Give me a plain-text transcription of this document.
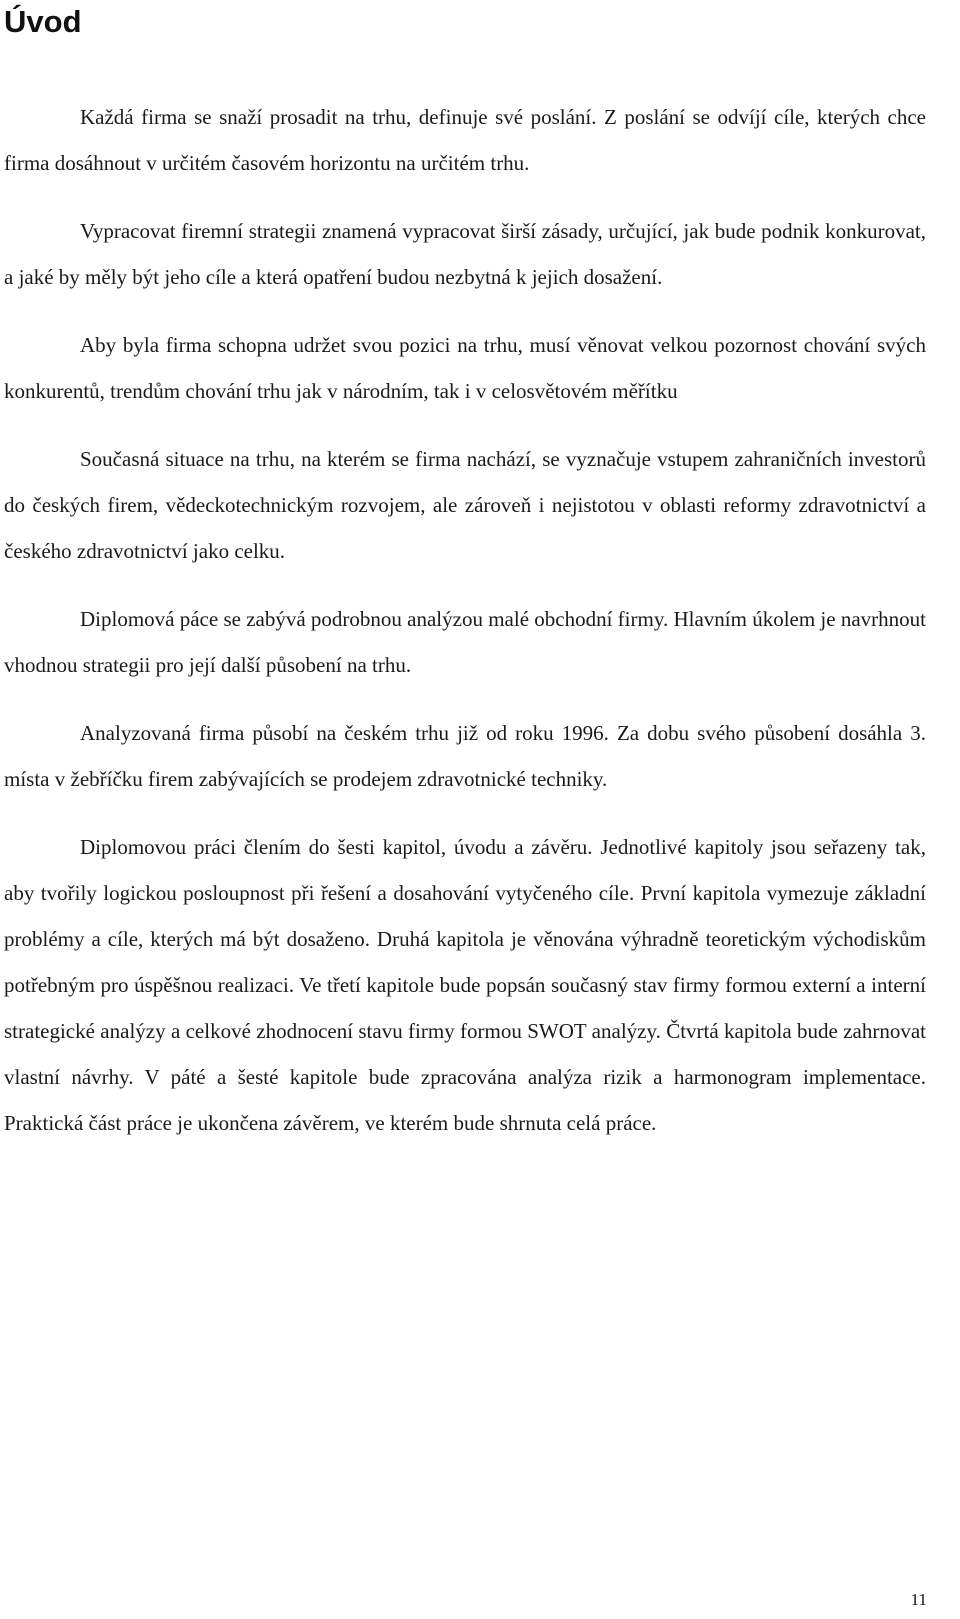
Úvod

Každá firma se snaží prosadit na trhu, definuje své poslání. Z poslání se odvíjí cíle, kterých chce firma dosáhnout v určitém časovém horizontu na určitém trhu.

Vypracovat firemní strategii znamená vypracovat širší zásady, určující, jak bude podnik konkurovat, a jaké by měly být jeho cíle a která opatření budou nezbytná k jejich dosažení.

Aby byla firma schopna udržet svou pozici na trhu, musí věnovat velkou pozornost chování svých konkurentů, trendům chování trhu jak v národním, tak i v celosvětovém měřítku

Současná situace na trhu, na kterém se firma nachází, se vyznačuje vstupem zahraničních investorů do českých firem, vědeckotechnickým rozvojem, ale zároveň i nejistotou v oblasti reformy zdravotnictví a českého zdravotnictví jako celku.

Diplomová páce se zabývá podrobnou analýzou malé obchodní firmy. Hlavním úkolem je navrhnout vhodnou strategii pro její další působení na trhu.

Analyzovaná firma působí na českém trhu již od roku 1996. Za dobu svého působení dosáhla 3. místa v žebříčku firem zabývajících se prodejem zdravotnické techniky.

Diplomovou práci člením do šesti kapitol, úvodu a závěru. Jednotlivé kapitoly jsou seřazeny tak, aby tvořily logickou posloupnost při řešení a dosahování vytyčeného cíle. První kapitola vymezuje základní problémy a cíle, kterých má být dosaženo. Druhá kapitola je věnována výhradně teoretickým východiskům potřebným pro úspěšnou realizaci. Ve třetí kapitole bude popsán současný stav firmy formou externí a interní strategické analýzy a celkové zhodnocení stavu firmy formou SWOT analýzy. Čtvrtá kapitola bude zahrnovat vlastní návrhy. V páté a šesté kapitole bude zpracována analýza rizik a harmonogram implementace. Praktická část práce je ukončena závěrem, ve kterém bude shrnuta celá práce.

11
